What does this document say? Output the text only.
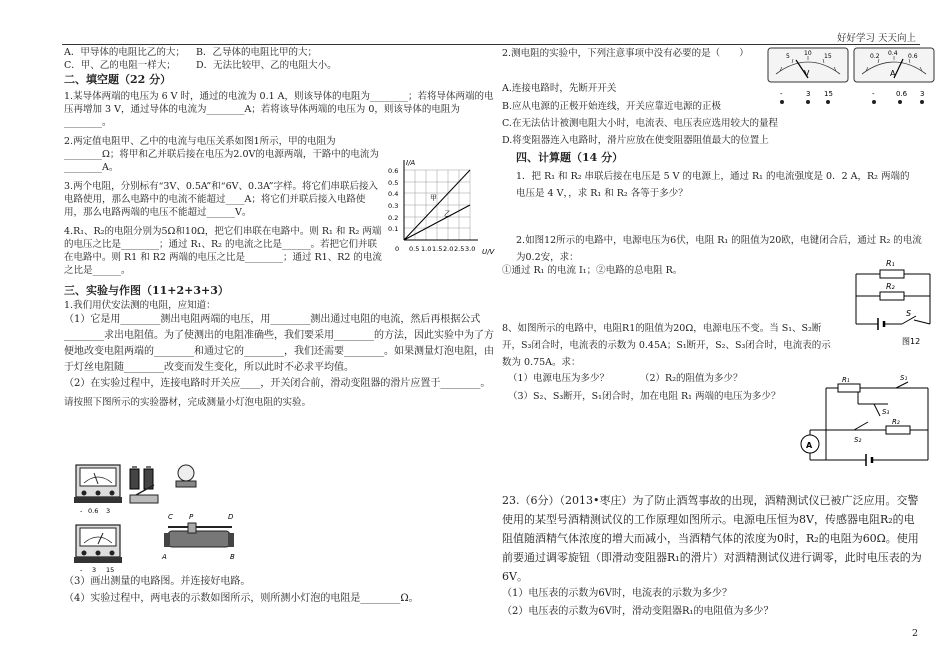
好好学习 天天向上
2
A．甲导体的电阻比乙的大；	B．乙导体的电阻比甲的大；
C．甲、乙的电阻一样大；	D．无法比较甲、乙的电阻大小。

二、填空题（22 分）

1.某导体两端的电压为 6 V 时，通过的电流为 0.1 A，则该导体的电阻为________；若将导体两端的电压再增加 3 V，通过导体的电流为________A；若将该导体两端的电压为 0，则该导体的电阻为________。

2.两定值电阻甲、乙中的电流与电压关系如图1所示，甲的电阻为________Ω；将甲和乙并联后接在电压为2.0V的电源两端，干路中的电流为________A。

3.两个电阻，分别标有“3V、0.5A”和“6V、0.3A”字样。将它们串联后接入电路使用，那么电路中的电流不能超过____A；将它们并联后接入电路使用，那么电路两端的电压不能超过______V。

4.R₁、R₂的电阻分别为5Ω和10Ω，把它们串联在电路中。则 R₁ 和 R₂ 两端的电压之比是________；通过 R₁、R₂ 的电流之比是______。若把它们并联在电路中。则 R1 和 R2 两端的电压之比是________；通过 R1、R2 的电流之比是______。

三、实验与作图（11+2+3+3）

1.我们用伏安法测的电阻，应知道：

（1）它是用________测出电阻两端的电压，用________测出通过电阻的电流，然后再根据公式________求出电阻值。为了使测出的电阻准确些，我们要采用________的方法，因此实验中为了方便地改变电阻两端的________和通过它的________，我们还需要________。如果测量灯泡电阻，由于灯丝电阻随________改变而发生变化，所以此时不必求平均值。

（2）在实验过程中，连接电路时开关应____，开关闭合前，滑动变阻器的滑片应置于________。

请按照下图所示的实验器材，完成测量小灯泡电阻的实验。

I/A
U/V
0.6
0.5
0.4
0.3
0.2
0.1
0 0.5 1.0 1.5 2.0 2.5 3.0
甲
乙
- 0.6 3
- 3 15
C P	D
A	B
（3）画出测量的电路图。并连接好电路。
（4）实验过程中，两电表的示数如图所示，则所测小灯泡的电阻是________Ω。
5 10 15
V
-	3 15
0.2 0.4 0.6
A
-	0.6 3
2.测电阻的实验中，下列注意事项中没有必要的是（　　）
A.连接电路时，先断开开关
B.应从电源的正极开始连线，开关应靠近电源的正极
C.在无法估计被测电阻大小时，电流表、电压表应选用较大的量程
D.将变阻器连入电路时，滑片应放在使变阻器阻值最大的位置上
四、计算题（14 分）
1．把 R₁ 和 R₂ 串联后接在电压是 5 V 的电源上，通过 R₁ 的电流强度是 0．2 A，R₂ 两端的电压是 4 V，，求 R₁ 和 R₂ 各等于多少？
2.如图12所示的电路中，电源电压为6伏，电阻 R₁ 的阻值为20欧，电键闭合后，通过 R₂ 的电流为0.2安，求：
①通过 R₁ 的电流 I₁；②电路的总电阻 R。
R₁
R₂
S
图12
8、如图所示的电路中，电阻R1的阻值为20Ω，电源电压不变。当 S₁、S₂断开，S₃闭合时，电流表的示数为 0.45A；S₁断开，S₂、S₃闭合时，电流表的示数为 0.75A。求：
（1）电源电压为多少？	（2）R₂的阻值为多少？
（3）S₂、S₃断开，S₁闭合时，加在电阻 R₁ 两端的电压为多少？
R₁
R₂
S₁
S₂
S₃
A
23.（6分）（2013•枣庄）为了防止酒驾事故的出现，酒精测试仪已被广泛应用。交警使用的某型号酒精测试仪的工作原理如图所示。电源电压恒为8V，传感器电阻R₂的电阻值随酒精气体浓度的增大而减小，当酒精气体的浓度为0时，R₂的电阻为60Ω。使用前要通过调零旋钮（即滑动变阻器R₁的滑片）对酒精测试仪进行调零，此时电压表的为6V。
（1）电压表的示数为6V时，电流表的示数为多少？
（2）电压表的示数为6V时，滑动变阻器R₁的电阻值为多少？
